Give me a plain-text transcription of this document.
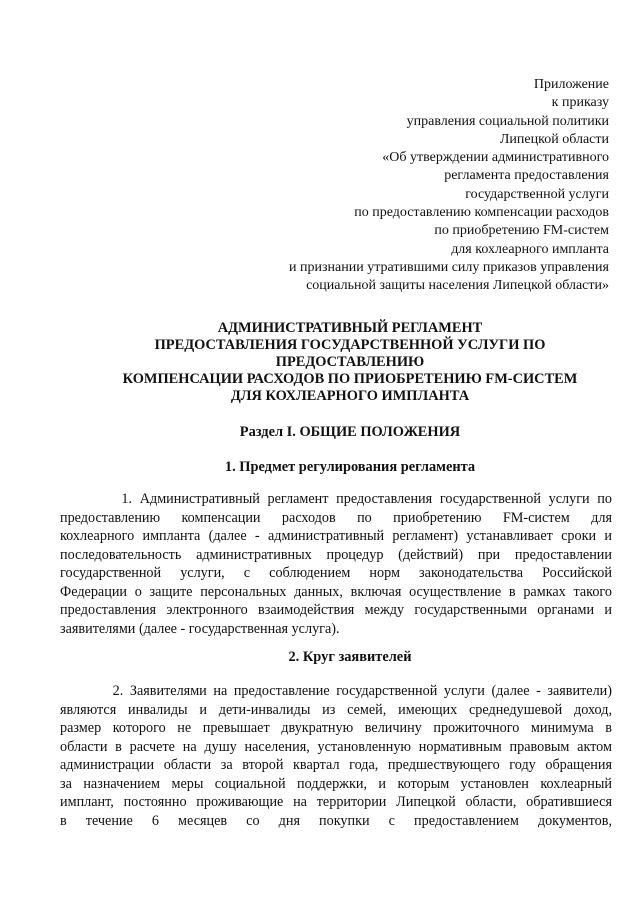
Приложение
к приказу
управления социальной политики
Липецкой области
«Об утверждении административного
регламента предоставления
государственной услуги
по предоставлению компенсации расходов
по приобретению FM-систем
для кохлеарного импланта
и признании утратившими силу приказов управления
социальной защиты населения Липецкой области»
АДМИНИСТРАТИВНЫЙ РЕГЛАМЕНТ
ПРЕДОСТАВЛЕНИЯ ГОСУДАРСТВЕННОЙ УСЛУГИ ПО
ПРЕДОСТАВЛЕНИЮ
КОМПЕНСАЦИИ РАСХОДОВ ПО ПРИОБРЕТЕНИЮ FM-СИСТЕМ
ДЛЯ КОХЛЕАРНОГО ИМПЛАНТА
Раздел I. ОБЩИЕ ПОЛОЖЕНИЯ
1. Предмет регулирования регламента
1. Административный регламент предоставления государственной услуги по
предоставлению компенсации расходов по приобретению FM-систем для
кохлеарного импланта (далее - административный регламент) устанавливает сроки и
последовательность административных процедур (действий) при предоставлении
государственной услуги, с соблюдением норм законодательства Российской
Федерации о защите персональных данных, включая осуществление в рамках такого
предоставления электронного взаимодействия между государственными органами и
заявителями (далее - государственная услуга).
2. Круг заявителей
2. Заявителями на предоставление государственной услуги (далее - заявители)
являются инвалиды и дети-инвалиды из семей, имеющих среднедушевой доход,
размер которого не превышает двукратную величину прожиточного минимума в
области в расчете на душу населения, установленную нормативным правовым актом
администрации области за второй квартал года, предшествующего году обращения
за назначением меры социальной поддержки, и которым установлен кохлеарный
имплант, постоянно проживающие на территории Липецкой области, обратившиеся
в течение 6 месяцев со дня покупки с предоставлением документов,
